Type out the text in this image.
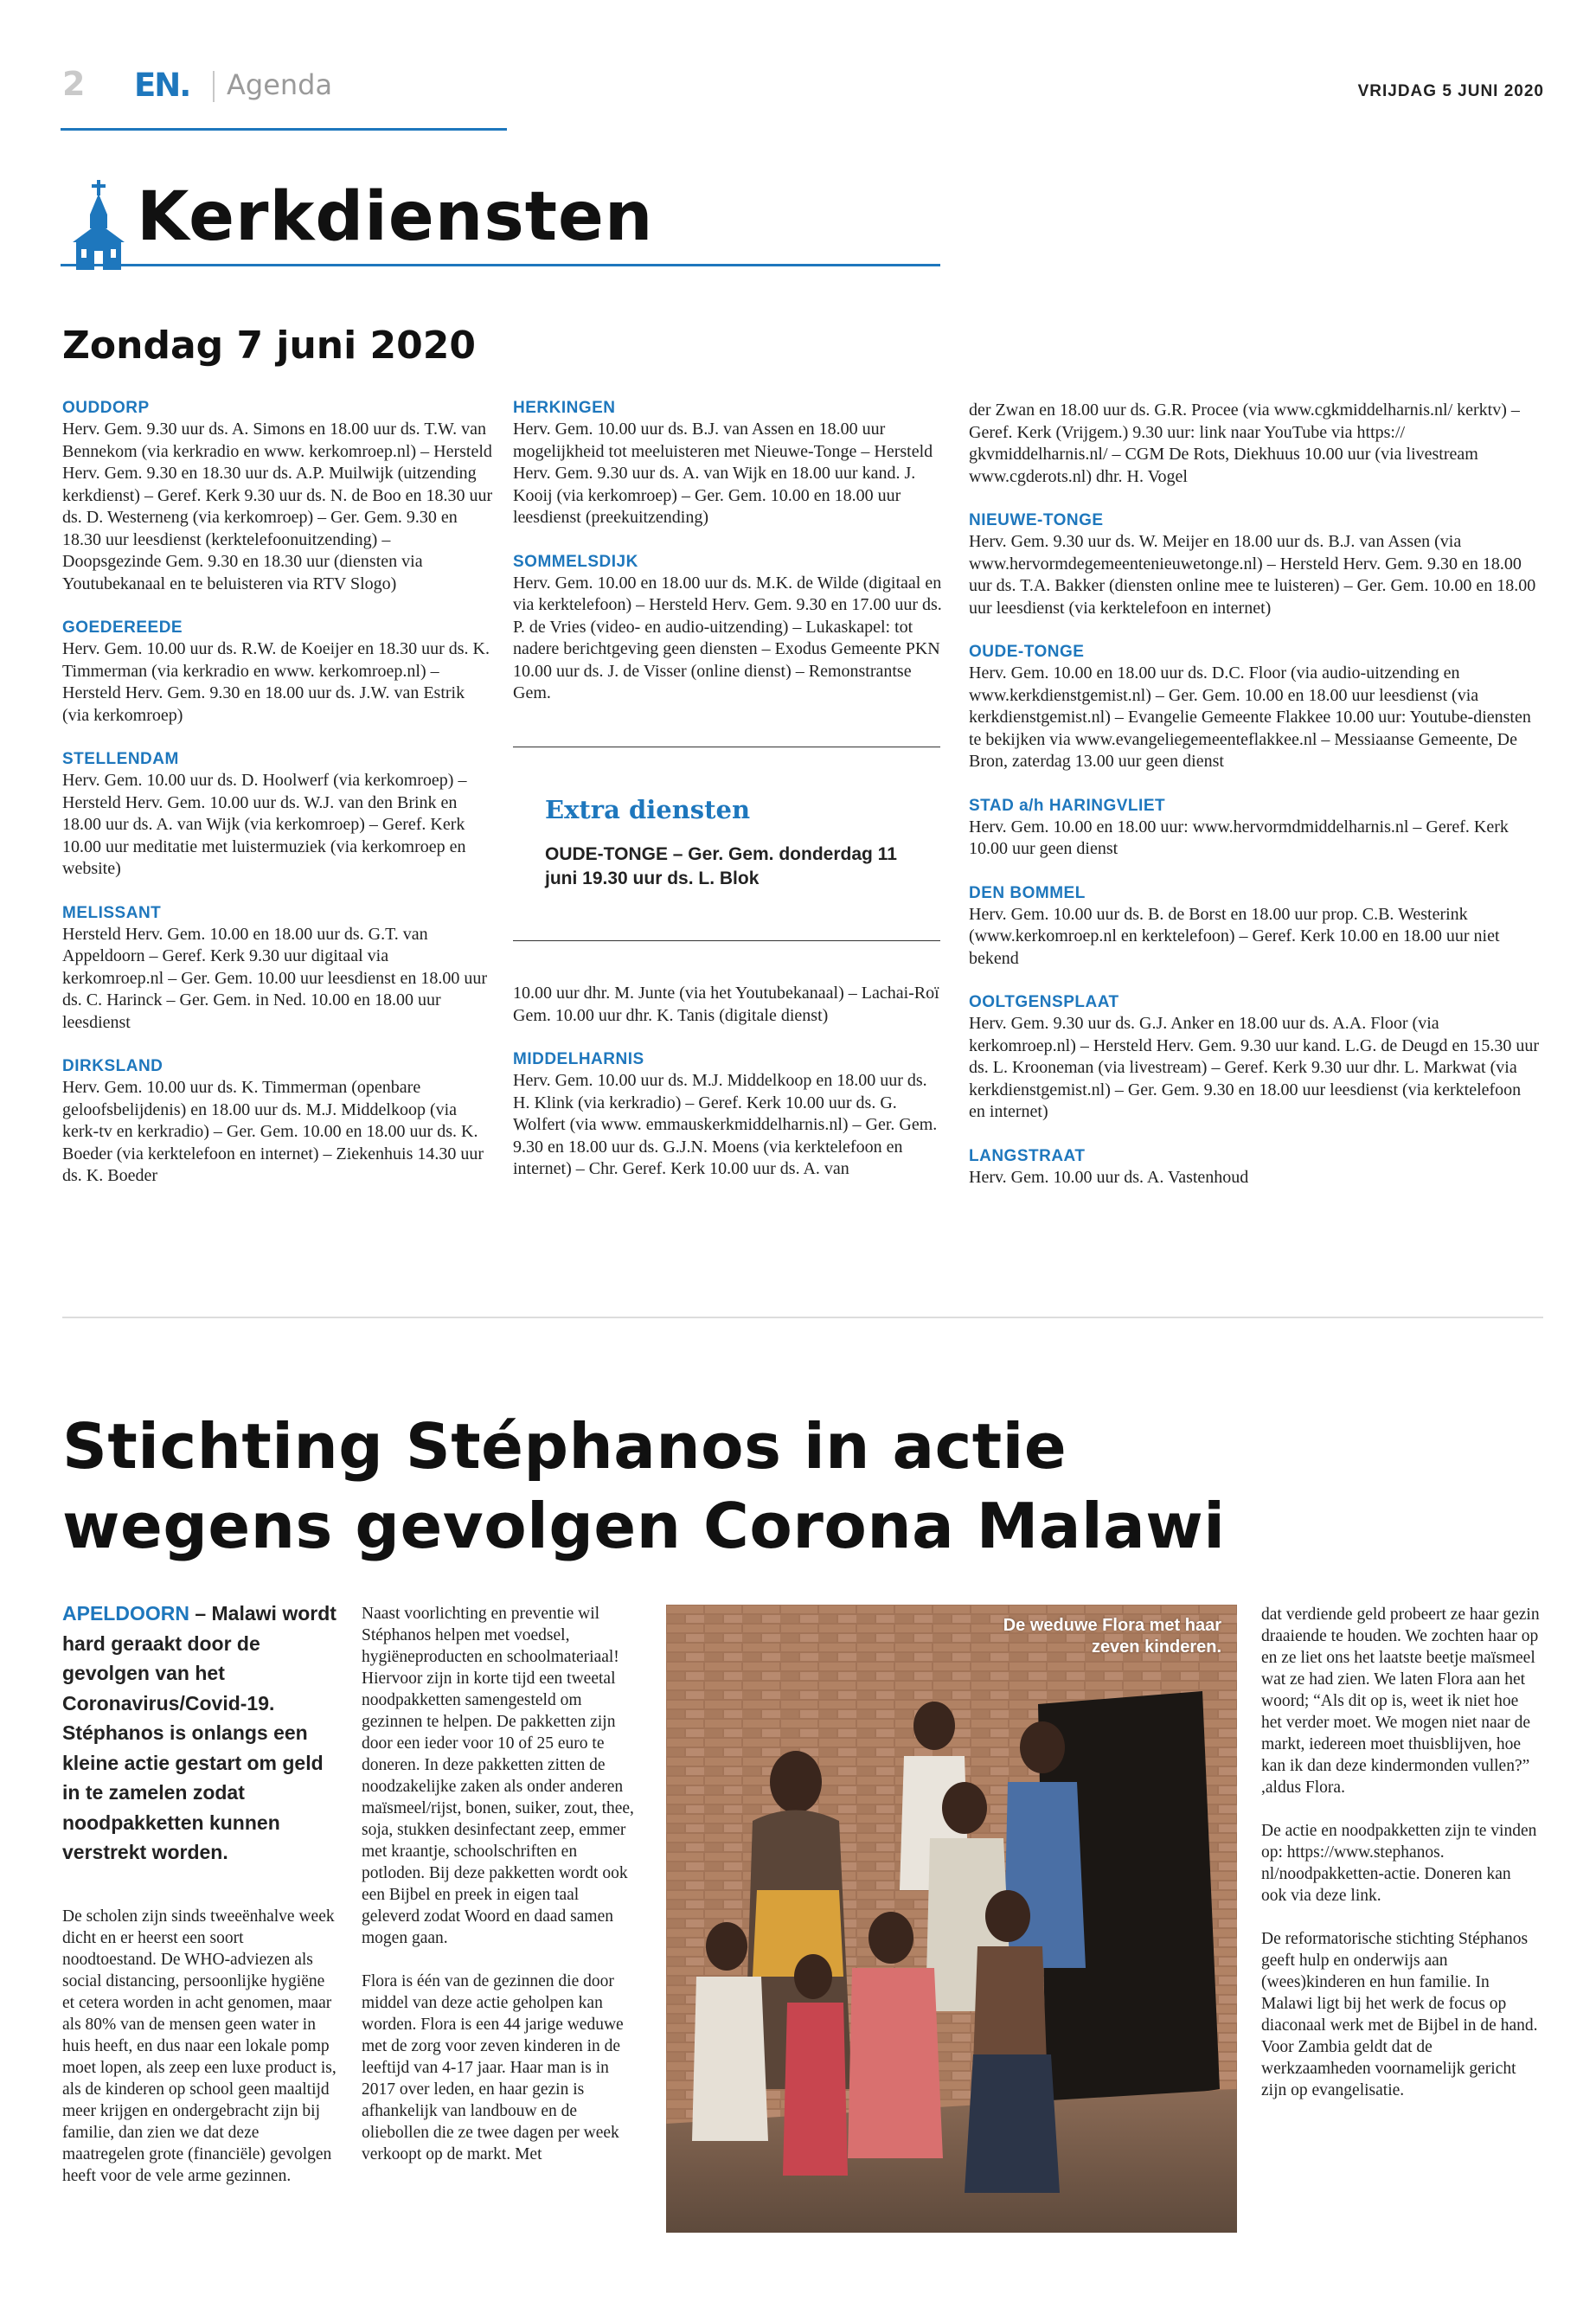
2 EN. Agenda	VRIJDAG 5 JUNI 2020
Kerkdiensten
Zondag 7 juni 2020
OUDDORP
Herv. Gem. 9.30 uur ds. A. Simons en 18.00 uur ds. T.W. van Bennekom (via kerkradio en www. kerkomroep.nl) – Hersteld Herv. Gem. 9.30 en 18.30 uur ds. A.P. Muilwijk (uitzending kerkdienst) – Geref. Kerk 9.30 uur ds. N. de Boo en 18.30 uur ds. D. Westerneng (via kerkomroep) – Ger. Gem. 9.30 en 18.30 uur leesdienst (kerktelefoonuitzending) – Doopsgezinde Gem. 9.30 en 18.30 uur (diensten via Youtubekanaal en te beluisteren via RTV Slogo)
GOEDEREEDE
Herv. Gem. 10.00 uur ds. R.W. de Koeijer en 18.30 uur ds. K. Timmerman (via kerkradio en www. kerkomroep.nl) – Hersteld Herv. Gem. 9.30 en 18.00 uur ds. J.W. van Estrik (via kerkomroep)
STELLENDAM
Herv. Gem. 10.00 uur ds. D. Hoolwerf (via kerkomroep) – Hersteld Herv. Gem. 10.00 uur ds. W.J. van den Brink en 18.00 uur ds. A. van Wijk (via kerkomroep) – Geref. Kerk 10.00 uur meditatie met luistermuziek (via kerkomroep en website)
MELISSANT
Hersteld Herv. Gem. 10.00 en 18.00 uur ds. G.T. van Appeldoorn – Geref. Kerk 9.30 uur digitaal via kerkomroep.nl – Ger. Gem. 10.00 uur leesdienst en 18.00 uur ds. C. Harinck – Ger. Gem. in Ned. 10.00 en 18.00 uur leesdienst
DIRKSLAND
Herv. Gem. 10.00 uur ds. K. Timmerman (openbare geloofsbelijdenis) en 18.00 uur ds. M.J. Middelkoop (via kerk-tv en kerkradio) – Ger. Gem. 10.00 en 18.00 uur ds. K. Boeder (via kerktelefoon en internet) – Ziekenhuis 14.30 uur ds. K. Boeder
HERKINGEN
Herv. Gem. 10.00 uur ds. B.J. van Assen en 18.00 uur mogelijkheid tot meeluisteren met Nieuwe-Tonge – Hersteld Herv. Gem. 9.30 uur ds. A. van Wijk en 18.00 uur kand. J. Kooij (via kerkomroep) – Ger. Gem. 10.00 en 18.00 uur leesdienst (preekuitzending)
SOMMELSDIJK
Herv. Gem. 10.00 en 18.00 uur ds. M.K. de Wilde (digitaal en via kerktelefoon) – Hersteld Herv. Gem. 9.30 en 17.00 uur ds. P. de Vries (video- en audio-uitzending) – Lukaskapel: tot nadere berichtgeving geen diensten – Exodus Gemeente PKN 10.00 uur ds. J. de Visser (online dienst) – Remonstrantse Gem.
Extra diensten
OUDE-TONGE – Ger. Gem. donderdag 11 juni 19.30 uur ds. L. Blok
10.00 uur dhr. M. Junte (via het Youtubekanaal) – Lachai-Roï Gem. 10.00 uur dhr. K. Tanis (digitale dienst)
MIDDELHARNIS
Herv. Gem. 10.00 uur ds. M.J. Middelkoop en 18.00 uur ds. H. Klink (via kerkradio) – Geref. Kerk 10.00 uur ds. G. Wolfert (via www. emmauskerkmiddelharnis.nl) – Ger. Gem. 9.30 en 18.00 uur ds. G.J.N. Moens (via kerktelefoon en internet) – Chr. Geref. Kerk 10.00 uur ds. A. van
der Zwan en 18.00 uur ds. G.R. Procee (via www.cgkmiddelharnis.nl/ kerktv) – Geref. Kerk (Vrijgem.) 9.30 uur: link naar YouTube via https:// gkvmiddelharnis.nl/ – CGM De Rots, Diekhuus 10.00 uur (via livestream www.cgderots.nl) dhr. H. Vogel
NIEUWE-TONGE
Herv. Gem. 9.30 uur ds. W. Meijer en 18.00 uur ds. B.J. van Assen (via www.hervormdegemeentenieuwetonge.nl) – Hersteld Herv. Gem. 9.30 en 18.00 uur ds. T.A. Bakker (diensten online mee te luisteren) – Ger. Gem. 10.00 en 18.00 uur leesdienst (via kerktelefoon en internet)
OUDE-TONGE
Herv. Gem. 10.00 en 18.00 uur ds. D.C. Floor (via audio-uitzending en www.kerkdienstgemist.nl) – Ger. Gem. 10.00 en 18.00 uur leesdienst (via kerkdienstgemist.nl) – Evangelie Gemeente Flakkee 10.00 uur: Youtube-diensten te bekijken via www.evangeliegemeenteflakkee.nl – Messiaanse Gemeente, De Bron, zaterdag 13.00 uur geen dienst
STAD a/h HARINGVLIET
Herv. Gem. 10.00 en 18.00 uur: www.hervormdmiddelharnis.nl – Geref. Kerk 10.00 uur geen dienst
DEN BOMMEL
Herv. Gem. 10.00 uur ds. B. de Borst en 18.00 uur prop. C.B. Westerink (www.kerkomroep.nl en kerktelefoon) – Geref. Kerk 10.00 en 18.00 uur niet bekend
OOLTGENSPLAAT
Herv. Gem. 9.30 uur ds. G.J. Anker en 18.00 uur ds. A.A. Floor (via kerkomroep.nl) – Hersteld Herv. Gem. 9.30 uur kand. L.G. de Deugd en 15.30 uur ds. L. Krooneman (via livestream) – Geref. Kerk 9.30 uur dhr. L. Markwat (via kerkdienstgemist.nl) – Ger. Gem. 9.30 en 18.00 uur leesdienst (via kerktelefoon en internet)
LANGSTRAAT
Herv. Gem. 10.00 uur ds. A. Vastenhoud
Stichting Stéphanos in actie
wegens gevolgen Corona Malawi
APELDOORN – Malawi wordt hard geraakt door de gevolgen van het Coronavirus/Covid-19. Stéphanos is onlangs een kleine actie gestart om geld in te zamelen zodat noodpakketten kunnen verstrekt worden.

De scholen zijn sinds tweeënhalve week dicht en er heerst een soort noodtoestand. De WHO-adviezen als social distancing, persoonlijke hygiëne et cetera worden in acht genomen, maar als 80% van de mensen geen water in huis heeft, en dus naar een lokale pomp moet lopen, als zeep een luxe product is, als de kinderen op school geen maaltijd meer krijgen en ondergebracht zijn bij familie, dan zien we dat deze maatregelen grote (financiële) gevolgen heeft voor de vele arme gezinnen.

Naast voorlichting en preventie wil Stéphanos helpen met voedsel, hygiëneproducten en schoolmateriaal! Hiervoor zijn in korte tijd een tweetal noodpakketten samengesteld om gezinnen te helpen. De pakketten zijn door een ieder voor 10 of 25 euro te doneren. In deze pakketten zitten de noodzakelijke zaken als onder anderen maïsmeel/rijst, bonen, suiker, zout, thee, soja, stukken desinfectant zeep, emmer met kraantje, schoolschriften en potloden. Bij deze pakketten wordt ook een Bijbel en preek in eigen taal geleverd zodat Woord en daad samen mogen gaan.

Flora is één van de gezinnen die door middel van deze actie geholpen kan worden. Flora is een 44 jarige weduwe met de zorg voor zeven kinderen in de leeftijd van 4-17 jaar. Haar man is in 2017 over leden, en haar gezin is afhankelijk van landbouw en de oliebollen die ze twee dagen per week verkoopt op de markt. Met

De weduwe Flora met haar zeven kinderen.

dat verdiende geld probeert ze haar gezin draaiende te houden. We zochten haar op en ze liet ons het laatste beetje maïsmeel wat ze had zien. We laten Flora aan het woord; “Als dit op is, weet ik niet hoe het verder moet. We mogen niet naar de markt, iedereen moet thuisblijven, hoe kan ik dan deze kindermonden vullen?” ,aldus Flora.

De actie en noodpakketten zijn te vinden op: https://www.stephanos. nl/noodpakketten-actie. Doneren kan ook via deze link.

De reformatorische stichting Stéphanos geeft hulp en onderwijs aan (wees)kinderen en hun familie. In Malawi ligt bij het werk de focus op diaconaal werk met de Bijbel in de hand. Voor Zambia geldt dat de werkzaamheden voornamelijk gericht zijn op evangelisatie.
